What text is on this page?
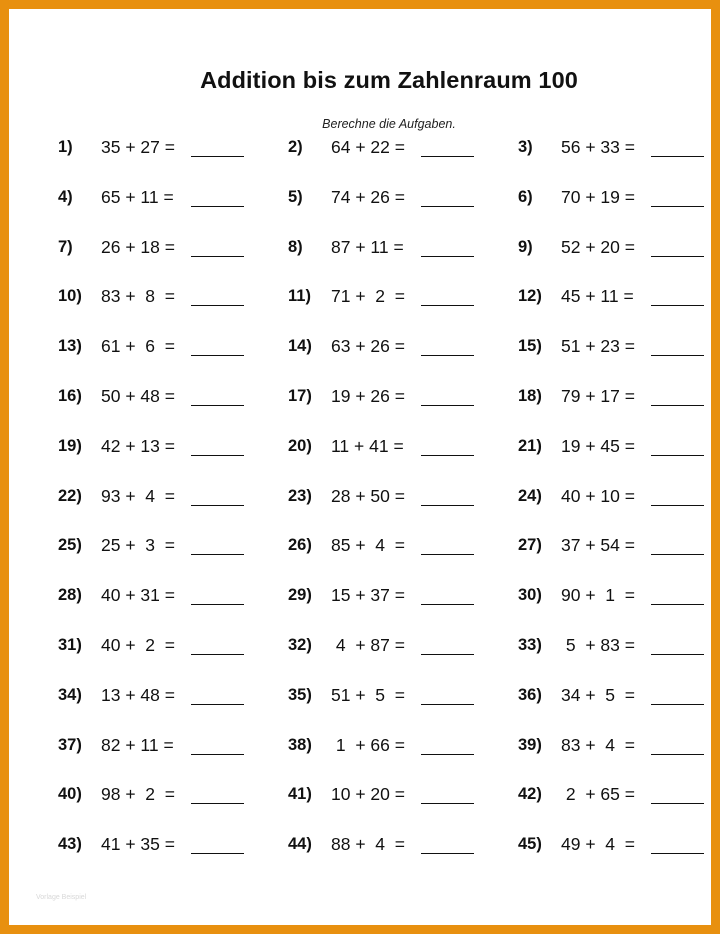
Addition bis zum Zahlenraum 100
Berechne die Aufgaben.
1) 35 + 27 =	2) 64 + 22 =	3) 56 + 33 =
4) 65 + 11 =	5) 74 + 26 =	6) 70 + 19 =
7) 26 + 18 =	8) 87 + 11 =	9) 52 + 20 =
10) 83 +  8  =	11) 71 +  2  =	12) 45 + 11 =
13) 61 +  6  =	14) 63 + 26 =	15) 51 + 23 =
16) 50 + 48 =	17) 19 + 26 =	18) 79 + 17 =
19) 42 + 13 =	20) 11 + 41 =	21) 19 + 45 =
22) 93 +  4  =	23) 28 + 50 =	24) 40 + 10 =
25) 25 +  3  =	26) 85 +  4  =	27) 37 + 54 =
28) 40 + 31 =	29) 15 + 37 =	30) 90 +  1  =
31) 40 +  2  =	32) 4  + 87 =	33) 5  + 83 =
34) 13 + 48 =	35) 51 +  5  =	36) 34 +  5  =
37) 82 + 11 =	38) 1  + 66 =	39) 83 +  4  =
40) 98 +  2  =	41) 10 + 20 =	42) 2  + 65 =
43) 41 + 35 =	44) 88 +  4  =	45) 49 +  4  =
Vorlage Beispiel
